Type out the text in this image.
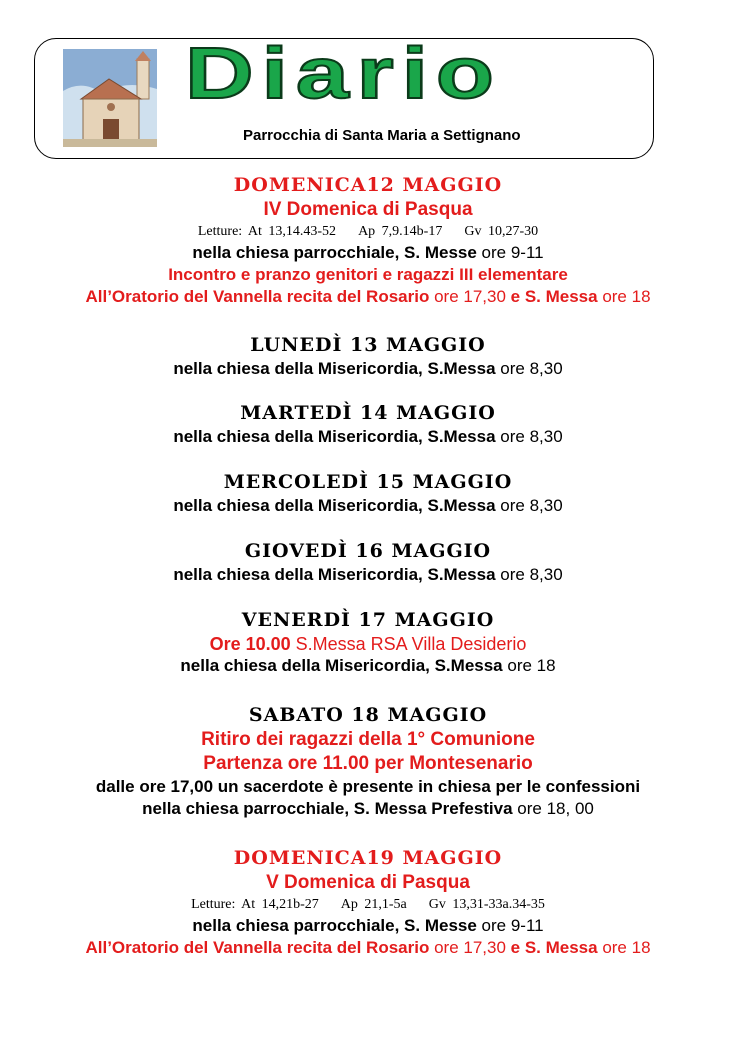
Diario
Parrocchia di Santa Maria a Settignano
DOMENICA12 MAGGIO
IV Domenica di Pasqua
Letture: At 13,14.43-52 Ap 7,9.14b-17 Gv 10,27-30
nella chiesa parrocchiale, S. Messe ore 9-11
Incontro e pranzo genitori e ragazzi III elementare
All’Oratorio del Vannella recita del Rosario ore 17,30 e S. Messa ore 18
LUNEDÌ 13 MAGGIO
nella chiesa della Misericordia, S.Messa ore 8,30
MARTEDÌ 14 MAGGIO
nella chiesa della Misericordia, S.Messa ore 8,30
MERCOLEDÌ 15 MAGGIO
nella chiesa della Misericordia, S.Messa ore 8,30
GIOVEDÌ 16 MAGGIO
nella chiesa della Misericordia, S.Messa ore 8,30
VENERDÌ 17 MAGGIO
Ore 10.00 S.Messa RSA Villa Desiderio
nella chiesa della Misericordia, S.Messa ore 18
SABATO 18 MAGGIO
Ritiro dei ragazzi della 1° Comunione
Partenza ore 11.00 per Montesenario
dalle ore 17,00 un sacerdote è presente in chiesa per le confessioni
nella chiesa parrocchiale, S. Messa Prefestiva ore 18, 00
DOMENICA19 MAGGIO
V Domenica di Pasqua
Letture: At 14,21b-27 Ap 21,1-5a Gv 13,31-33a.34-35
nella chiesa parrocchiale, S. Messe ore 9-11
All’Oratorio del Vannella recita del Rosario ore 17,30 e S. Messa ore 18
